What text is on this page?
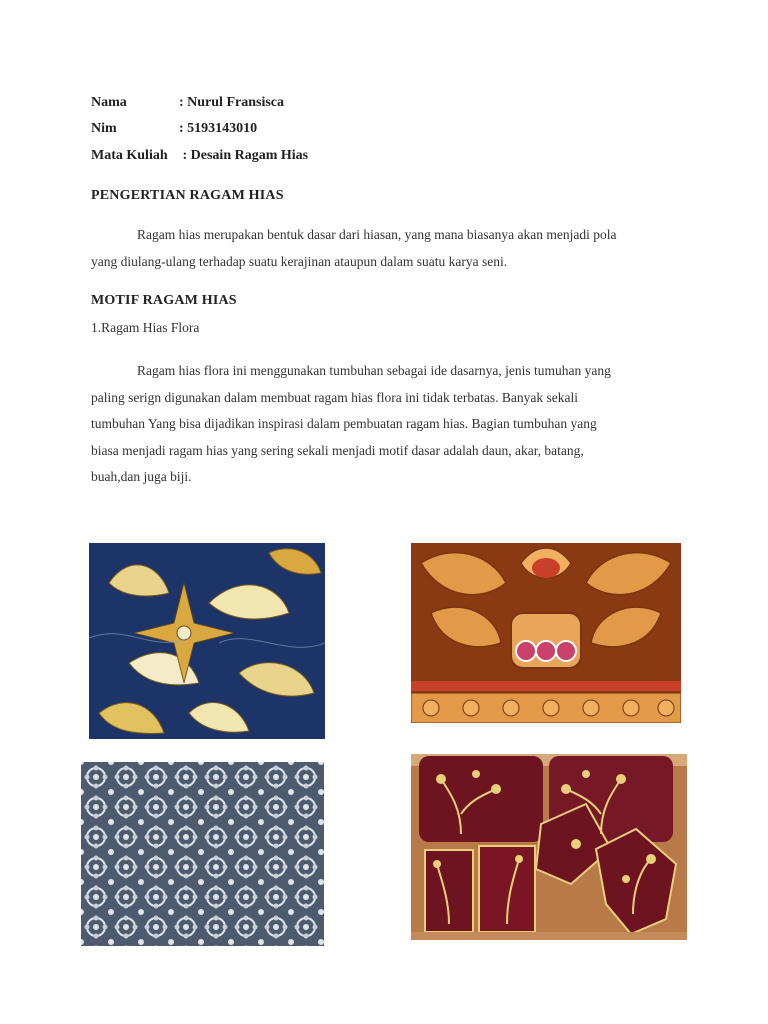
Nama	: Nurul Fransisca
Nim	: 5193143010
Mata Kuliah : Desain Ragam Hias
PENGERTIAN RAGAM HIAS
Ragam hias merupakan bentuk dasar dari hiasan, yang mana biasanya akan menjadi pola
yang diulang-ulang terhadap suatu kerajinan ataupun dalam suatu karya seni.
MOTIF RAGAM HIAS
1.Ragam Hias Flora
Ragam hias flora ini menggunakan tumbuhan sebagai ide dasarnya, jenis tumuhan yang
paling serign digunakan dalam membuat ragam hias flora ini tidak terbatas. Banyak sekali
tumbuhan Yang bisa dijadikan inspirasi dalam pembuatan ragam hias. Bagian tumbuhan yang
biasa menjadi ragam hias yang sering sekali menjadi motif dasar adalah daun, akar, batang,
buah,dan juga biji.
